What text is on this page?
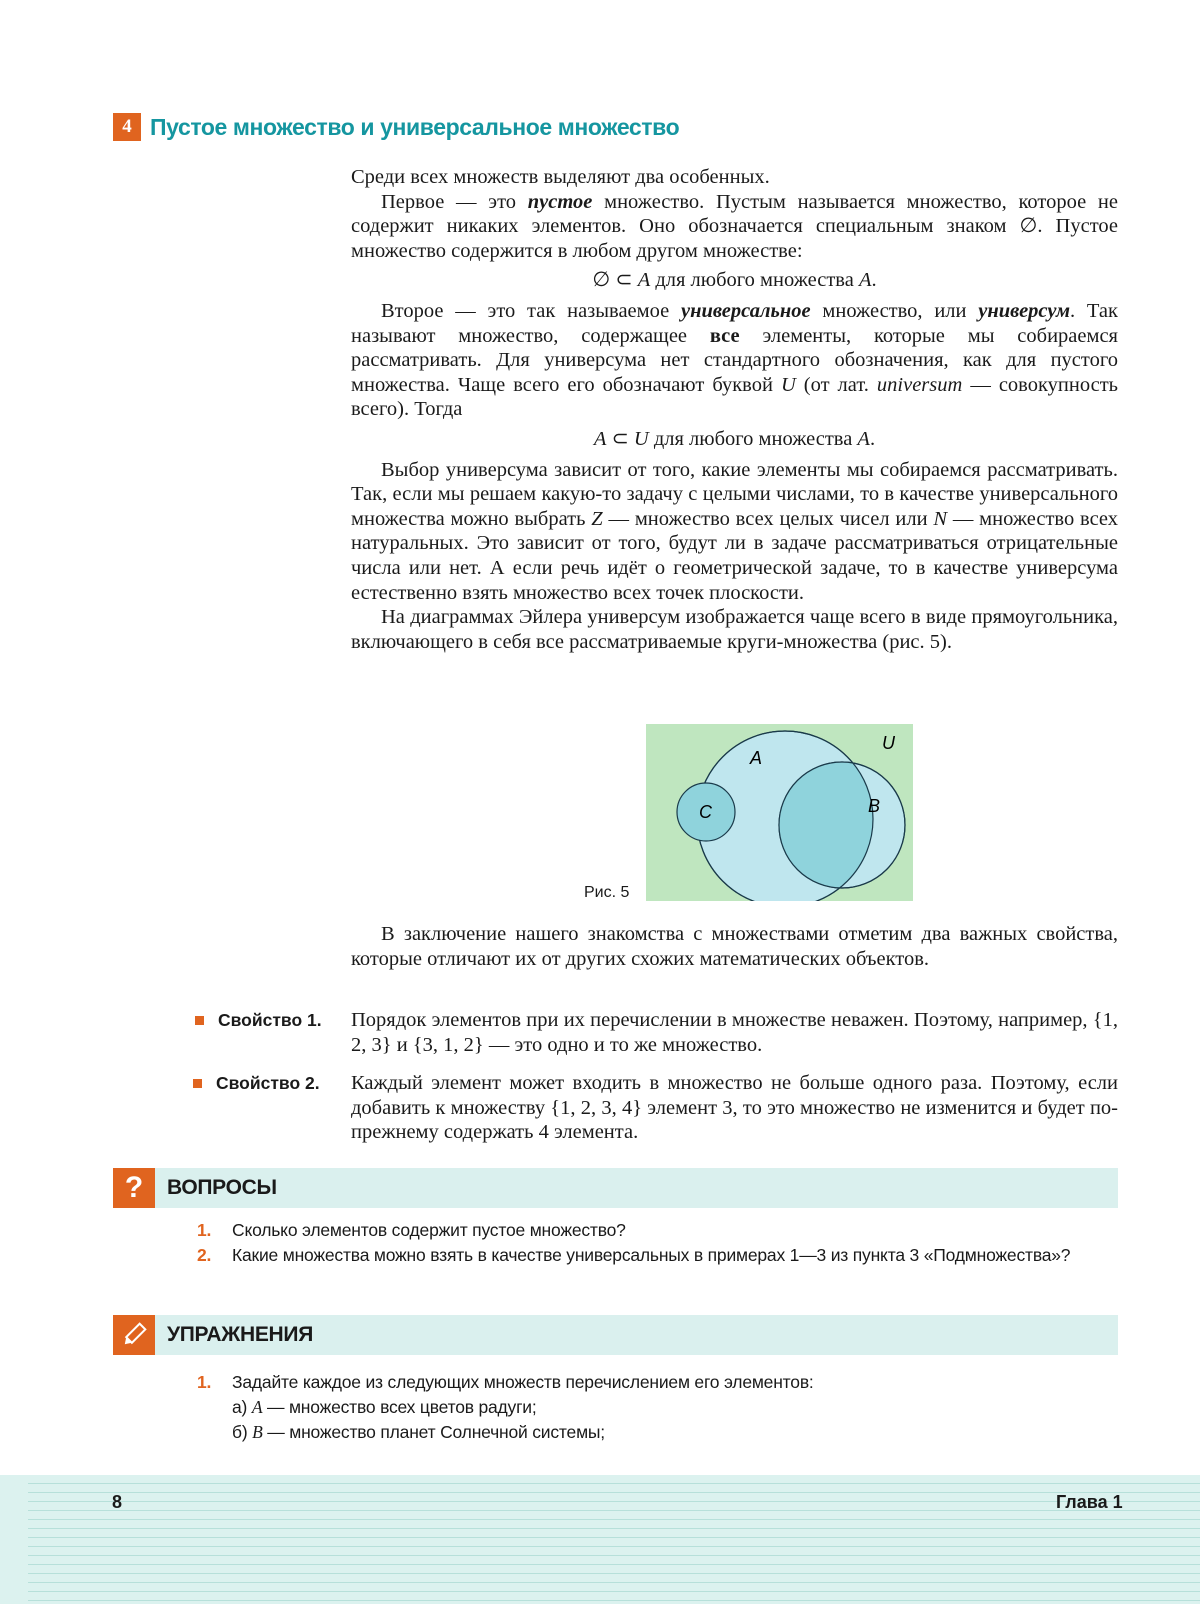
4 Пустое множество и универсальное множество

Среди всех множеств выделяют два особенных.

Первое — это пустое множество. Пустым называется множество, которое не содержит никаких элементов. Оно обозначается специальным знаком ∅. Пустое множество содержится в любом другом множестве:

∅ ⊂ A для любого множества A.

Второе — это так называемое универсальное множество, или универсум. Так называют множество, содержащее все элементы, которые мы собираемся рассматривать. Для универсума нет стандартного обозначения, как для пустого множества. Чаще всего его обозначают буквой U (от лат. universum — совокупность всего). Тогда

A ⊂ U для любого множества A.

Выбор универсума зависит от того, какие элементы мы собираемся рассматривать. Так, если мы решаем какую-то задачу с целыми числами, то в качестве универсального множества можно выбрать Z — множество всех целых чисел или N — множество всех натуральных. Это зависит от того, будут ли в задаче рассматриваться отрицательные числа или нет. А если речь идёт о геометрической задаче, то в качестве универсума естественно взять множество всех точек плоскости.

На диаграммах Эйлера универсум изображается чаще всего в виде прямоугольника, включающего в себя все рассматриваемые круги-множества (рис. 5).

U
A
B
C
Рис. 5

В заключение нашего знакомства с множествами отметим два важных свойства, которые отличают их от других схожих математических объектов.

Свойство 1. Порядок элементов при их перечислении в множестве неважен. Поэтому, например, {1, 2, 3} и {3, 1, 2} — это одно и то же множество.

Свойство 2. Каждый элемент может входить в множество не больше одного раза. Поэтому, если добавить к множеству {1, 2, 3, 4} элемент 3, то это множество не изменится и будет по-прежнему содержать 4 элемента.

?	ВОПРОСЫ
1.	Сколько элементов содержит пустое множество?
2.	Какие множества можно взять в качестве универсальных в примерах 1—3 из пункта 3 «Подмножества»?
УПРАЖНЕНИЯ
1.	Задайте каждое из следующих множеств перечислением его элементов:
а) A — множество всех цветов радуги;
б) B — множество планет Солнечной системы;
8	Глава 1
